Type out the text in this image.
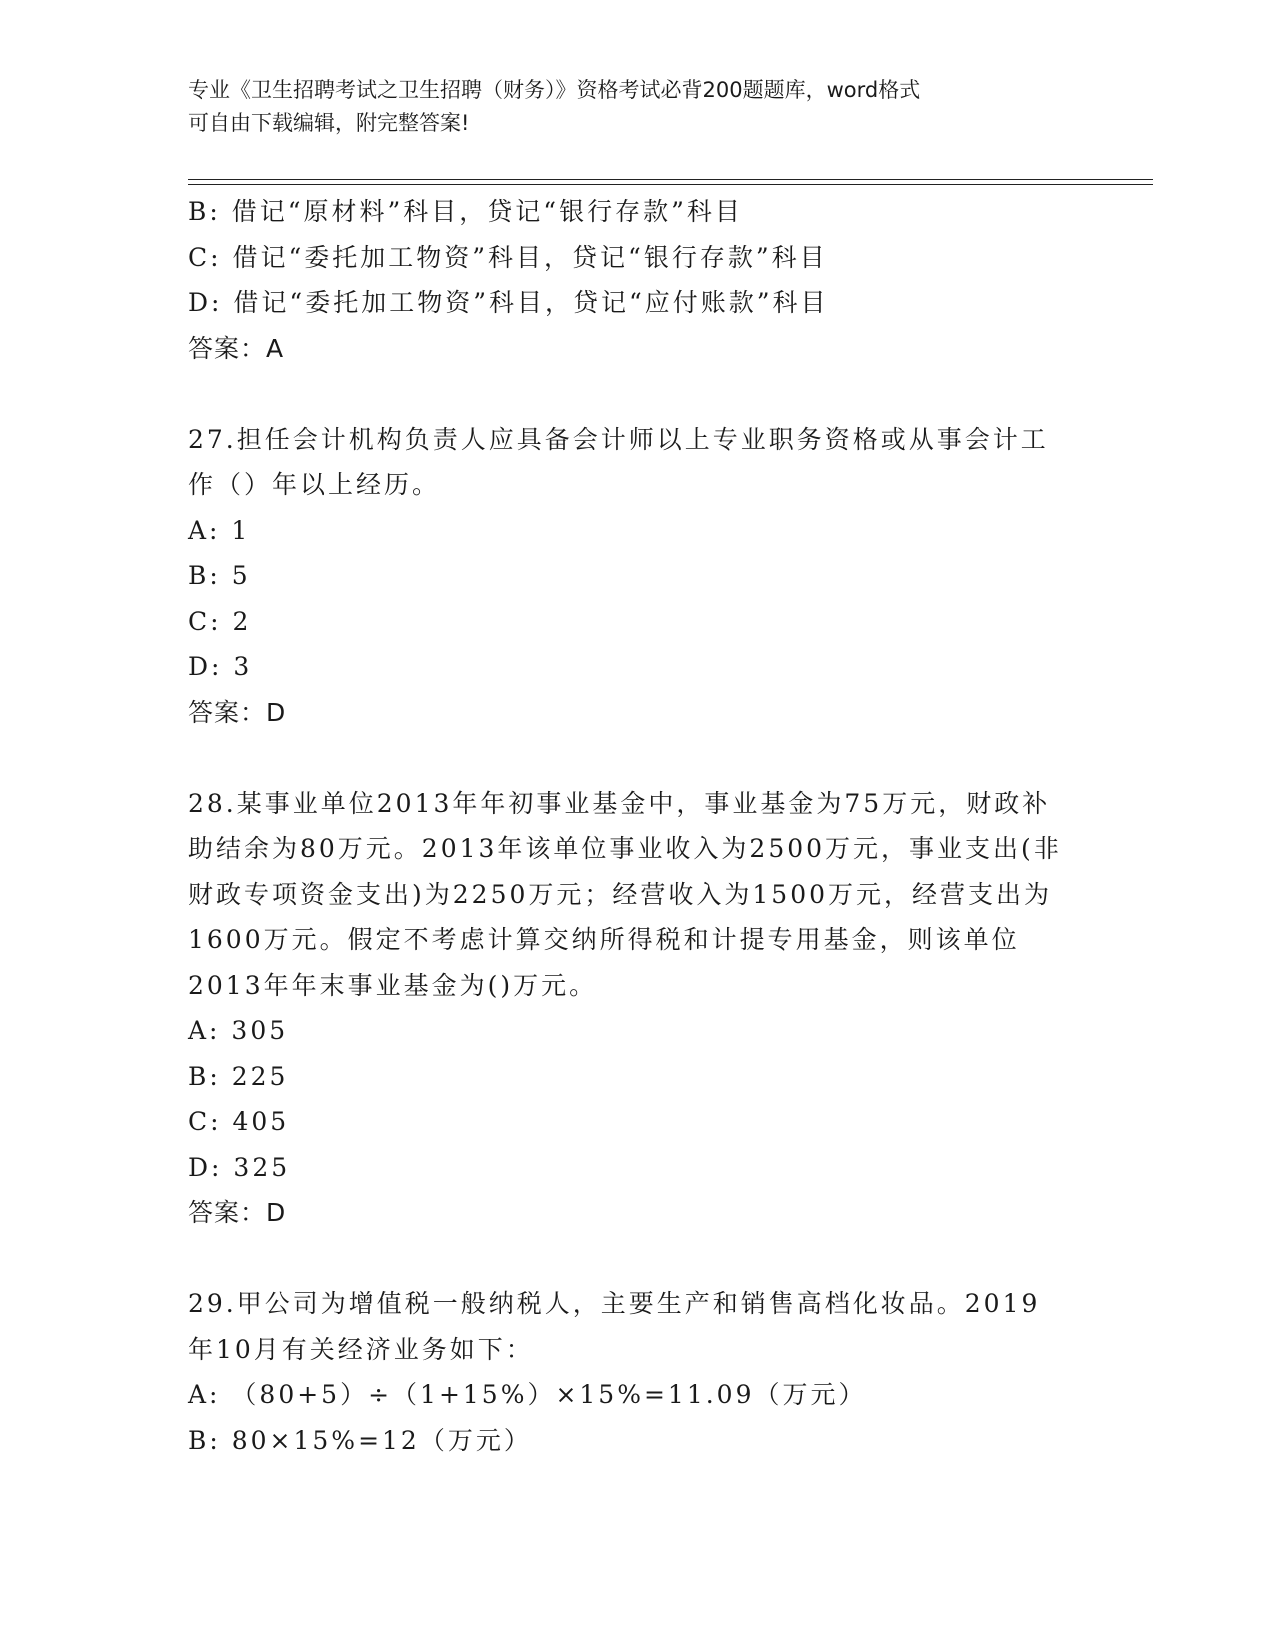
专业《卫生招聘考试之卫生招聘（财务）》资格考试必背200题题库，word格式
可自由下载编辑，附完整答案!
B: 借记“原材料”科目，贷记“银行存款”科目
C: 借记“委托加工物资”科目，贷记“银行存款”科目
D: 借记“委托加工物资”科目，贷记“应付账款”科目
答案：A
27.担任会计机构负责人应具备会计师以上专业职务资格或从事会计工
作（）年以上经历。
A: 1
B: 5
C: 2
D: 3
答案：D
28.某事业单位2013年年初事业基金中，事业基金为75万元，财政补
助结余为80万元。2013年该单位事业收入为2500万元，事业支出(非
财政专项资金支出)为2250万元；经营收入为1500万元，经营支出为
1600万元。假定不考虑计算交纳所得税和计提专用基金，则该单位
2013年年末事业基金为()万元。
A: 305
B: 225
C: 405
D: 325
答案：D
29.甲公司为增值税一般纳税人，主要生产和销售高档化妆品。2019
年10月有关经济业务如下：
A: （80+5）÷（1+15%）×15%=11.09（万元）
B: 80×15%=12（万元）
